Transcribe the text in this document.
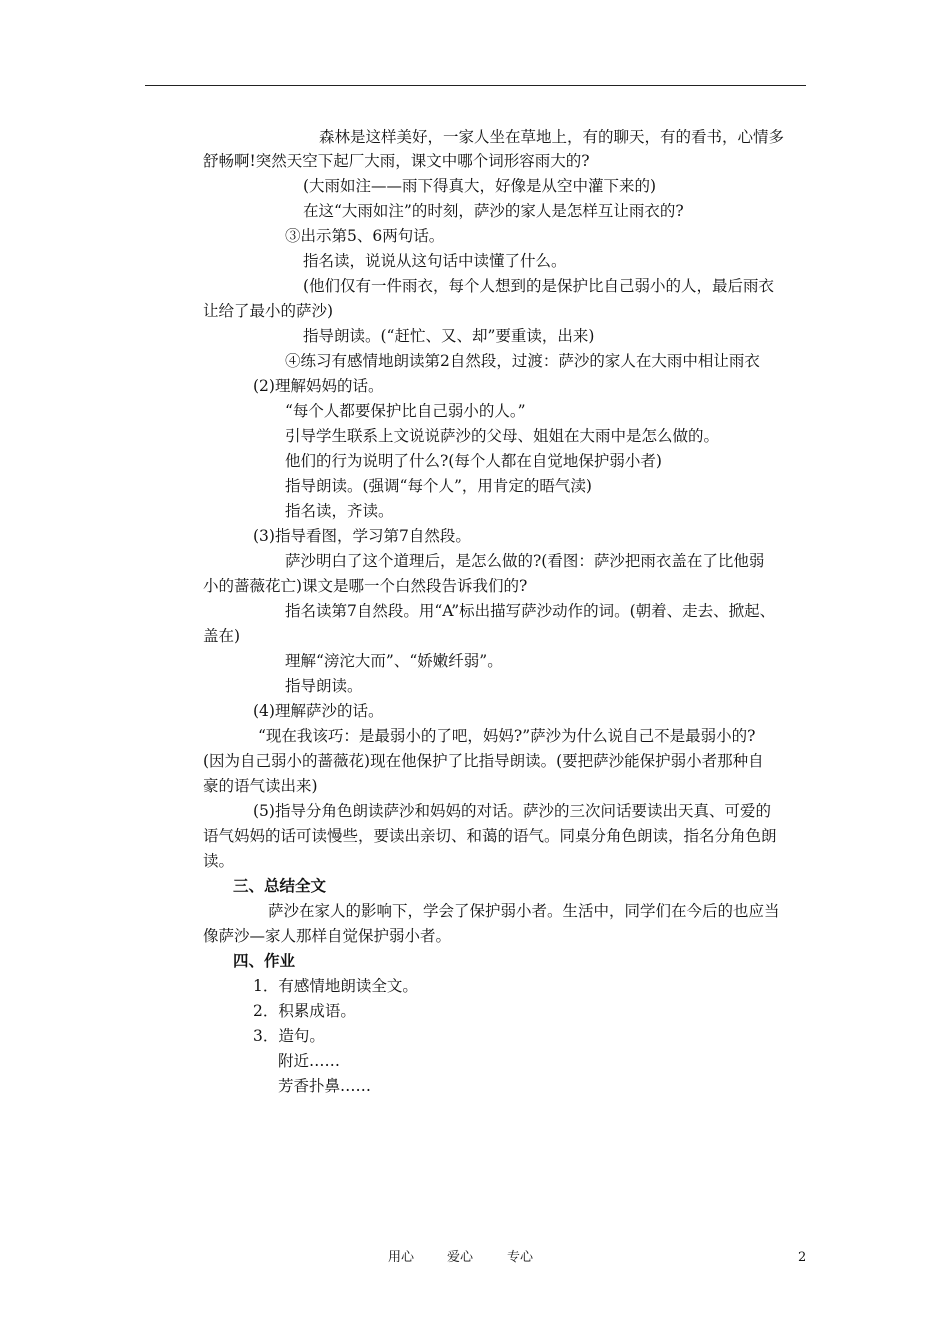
森林是这样美好，一家人坐在草地上，有的聊天，有的看书，心情多
舒畅啊!突然天空下起厂大雨，课文中哪个词形容雨大的?
(大雨如注——雨下得真大，好像是从空中灌下来的)
在这“大雨如注”的时刻，萨沙的家人是怎样互让雨衣的?
③出示第5、6两句话。
指名读，说说从这句话中读懂了什么。
(他们仅有一件雨衣，每个人想到的是保护比自己弱小的人，最后雨衣
让给了最小的萨沙)
指导朗读。(“赶忙、又、却”要重读，出来)
④练习有感情地朗读第2自然段，过渡：萨沙的家人在大雨中相让雨衣
(2)理解妈妈的话。
“每个人都要保护比自己弱小的人。”
引导学生联系上文说说萨沙的父母、姐姐在大雨中是怎么做的。
他们的行为说明了什么?(每个人都在自觉地保护弱小者)
指导朗读。(强调“每个人”，用肯定的晤气渎)
指名读，齐读。
(3)指导看图，学习第7自然段。
萨沙明白了这个道理后，是怎么做的?(看图：萨沙把雨衣盖在了比他弱
小的蔷薇花亡)课文是哪一个白然段告诉我们的?
指名读第7自然段。用“A”标出描写萨沙动作的词。(朝着、走去、掀起、
盖在)
理解“滂沱大而”、“娇嫩纤弱”。
指导朗读。
(4)理解萨沙的话。
“现在我该巧：是最弱小的了吧，妈妈?”萨沙为什么说自己不是最弱小的?
(因为自己弱小的蔷薇花)现在他保护了比指导朗读。(要把萨沙能保护弱小者那种自
豪的语气读出来)
(5)指导分角色朗读萨沙和妈妈的对话。萨沙的三次问话要读出天真、可爱的
语气妈妈的话可读慢些，要读出亲切、和蔼的语气。同桌分角色朗读，指名分角色朗
读。
三、总结全文
萨沙在家人的影响下，学会了保护弱小者。生活中，同学们在今后的也应当
像萨沙—家人那样自觉保护弱小者。
四、作业
1．有感情地朗读全文。
2．积累成语。
3．造句。
附近……
芳香扑鼻……
用心	爱心	专心	2
